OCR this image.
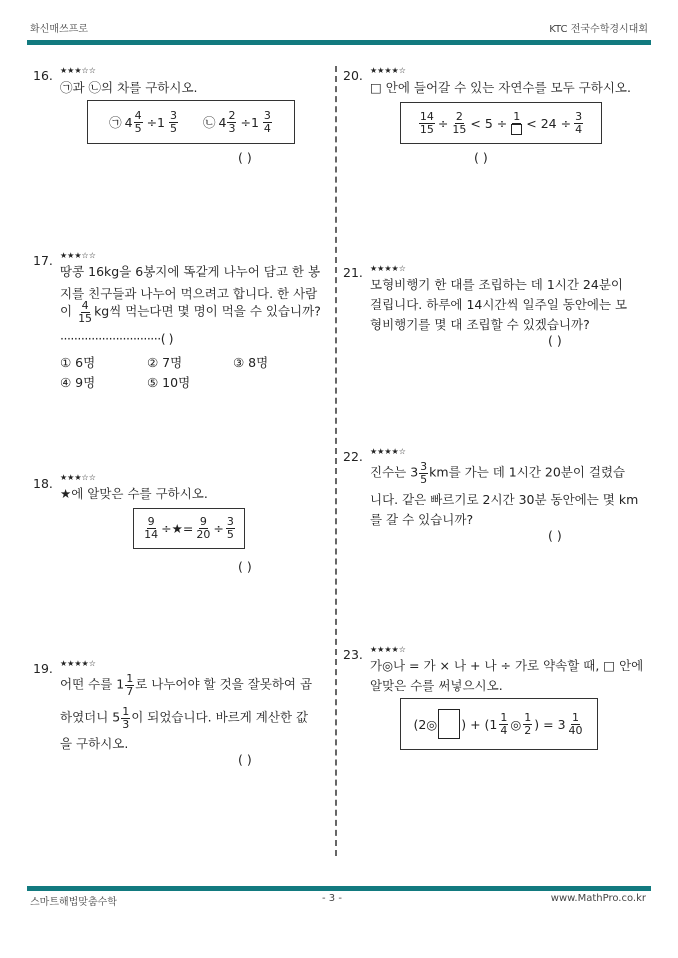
화신매쓰프로	KTC 전국수학경시대회
16. ★★★☆☆
㉠과 ㉡의 차를 구하시오.
㉠ $4 \frac{4}{5} \div 1 \frac{3}{5}$ ㉡ $4 \frac{2}{3} \div 1 \frac{3}{4}$
( )
17. ★★★☆☆
땅콩 16kg을 6봉지에 똑같게 나누어 담고 한 봉
지를 친구들과 나누어 먹으려고 합니다. 한 사람
이 $\frac{4}{15}$ kg씩 먹는다면 몇 명이 먹을 수 있습니까?
·····························( )
① 6명	② 7명	③ 8명
④ 9명	⑤ 10명
18. ★★★☆☆
★에 알맞은 수를 구하시오.
$\frac{9}{14}$ ÷★= $\frac{9}{20} \div \frac{3}{5}$
( )
19. ★★★★☆
어떤 수를 $1 \frac{1}{7}$ 로 나누어야 할 것을 잘못하여 곱
하였더니 $5 \frac{1}{3}$ 이 되었습니다. 바르게 계산한 값
을 구하시오.
( )
20. ★★★★☆
□ 안에 들어갈 수 있는 자연수를 모두 구하시오.
$\frac{14}{15} \div \frac{2}{15} < 5 \div 1 < 24 \div \frac{3}{4}$
( )
21. ★★★★☆
모형비행기 한 대를 조립하는 데 1시간 24분이
걸립니다. 하루에 14시간씩 일주일 동안에는 모
형비행기를 몇 대 조립할 수 있겠습니까?
( )
22. ★★★★☆
진수는 $3 \frac{3}{5}$ km를 가는 데 1시간 20분이 걸렸습
니다. 같은 빠르기로 2시간 30분 동안에는 몇 km
를 갈 수 있습니까?
( )
23. ★★★★☆
가◎나 = 가 × 나 + 나 ÷ 가로 약속할 때, □ 안에
알맞은 수를 써넣으시오.
(2◎ ) + ($1 \frac{1}{4}$ ◎ $\frac{1}{2}$ ) = $3 \frac{1}{40}$
스마트해법맞춤수학	- 3 -	www.MathPro.co.kr
